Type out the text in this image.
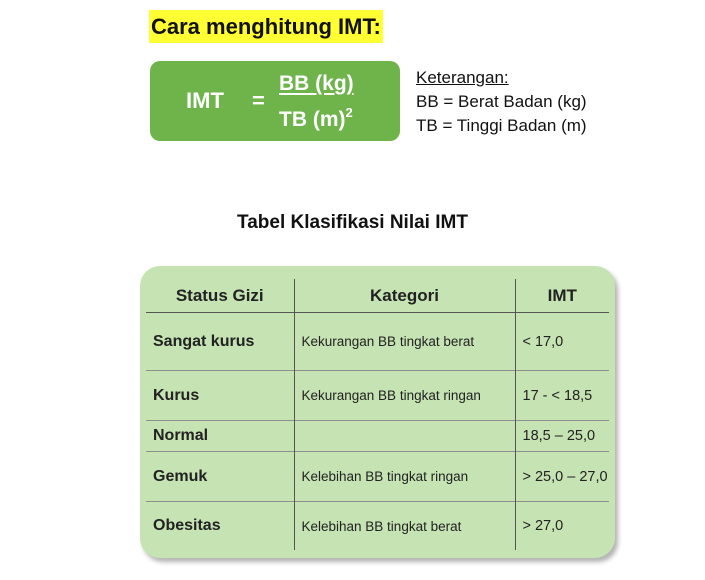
Cara menghitung IMT:
IMT =
BB (kg)
TB $(m)^2$
Keterangan:
BB = Berat Badan (kg)
TB = Tinggi Badan (m)
Tabel Klasifikasi Nilai IMT
Status Gizi	Kategori	IMT
Sangat kurus	Kekurangan BB tingkat berat	< 17,0
Kurus	Kekurangan BB tingkat ringan	17 - < 18,5
Normal		18,5 – 25,0
Gemuk	Kelebihan BB tingkat ringan	> 25,0 – 27,0
Obesitas	Kelebihan BB tingkat berat	> 27,0
